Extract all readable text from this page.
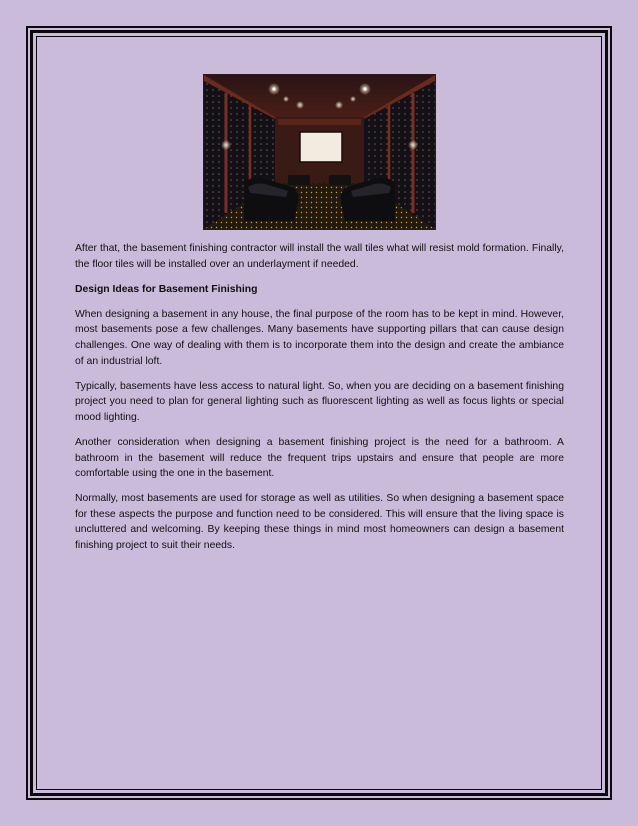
After that, the basement finishing contractor will install the wall tiles what will resist mold formation. Finally, the floor tiles will be installed over an underlayment if needed.

Design Ideas for Basement Finishing

When designing a basement in any house, the final purpose of the room has to be kept in mind. However, most basements pose a few challenges. Many basements have supporting pillars that can cause design challenges. One way of dealing with them is to incorporate them into the design and create the ambiance of an industrial loft.

Typically, basements have less access to natural light. So, when you are deciding on a basement finishing project you need to plan for general lighting such as fluorescent lighting as well as focus lights or special mood lighting.

Another consideration when designing a basement finishing project is the need for a bathroom. A bathroom in the basement will reduce the frequent trips upstairs and ensure that people are more comfortable using the one in the basement.

Normally, most basements are used for storage as well as utilities. So when designing a basement space for these aspects the purpose and function need to be considered. This will ensure that the living space is uncluttered and welcoming. By keeping these things in mind most homeowners can design a basement finishing project to suit their needs.
